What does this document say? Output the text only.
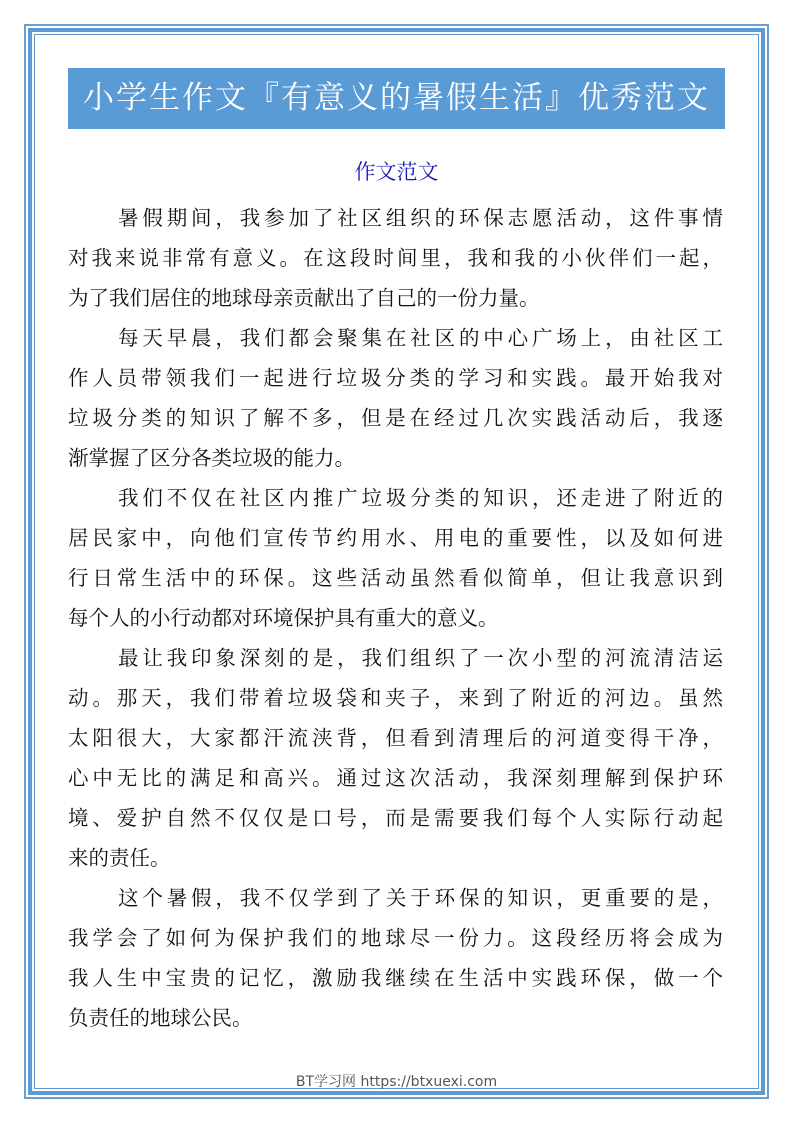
小学生作文『有意义的暑假生活』优秀范文
作文范文
暑假期间，我参加了社区组织的环保志愿活动，这件事情
对我来说非常有意义。在这段时间里，我和我的小伙伴们一起，
为了我们居住的地球母亲贡献出了自己的一份力量。
每天早晨，我们都会聚集在社区的中心广场上，由社区工
作人员带领我们一起进行垃圾分类的学习和实践。最开始我对
垃圾分类的知识了解不多，但是在经过几次实践活动后，我逐
渐掌握了区分各类垃圾的能力。
我们不仅在社区内推广垃圾分类的知识，还走进了附近的
居民家中，向他们宣传节约用水、用电的重要性，以及如何进
行日常生活中的环保。这些活动虽然看似简单，但让我意识到
每个人的小行动都对环境保护具有重大的意义。
最让我印象深刻的是，我们组织了一次小型的河流清洁运
动。那天，我们带着垃圾袋和夹子，来到了附近的河边。虽然
太阳很大，大家都汗流浃背，但看到清理后的河道变得干净，
心中无比的满足和高兴。通过这次活动，我深刻理解到保护环
境、爱护自然不仅仅是口号，而是需要我们每个人实际行动起
来的责任。
这个暑假，我不仅学到了关于环保的知识，更重要的是，
我学会了如何为保护我们的地球尽一份力。这段经历将会成为
我人生中宝贵的记忆，激励我继续在生活中实践环保，做一个
负责任的地球公民。
BT学习网 https://btxuexi.com
